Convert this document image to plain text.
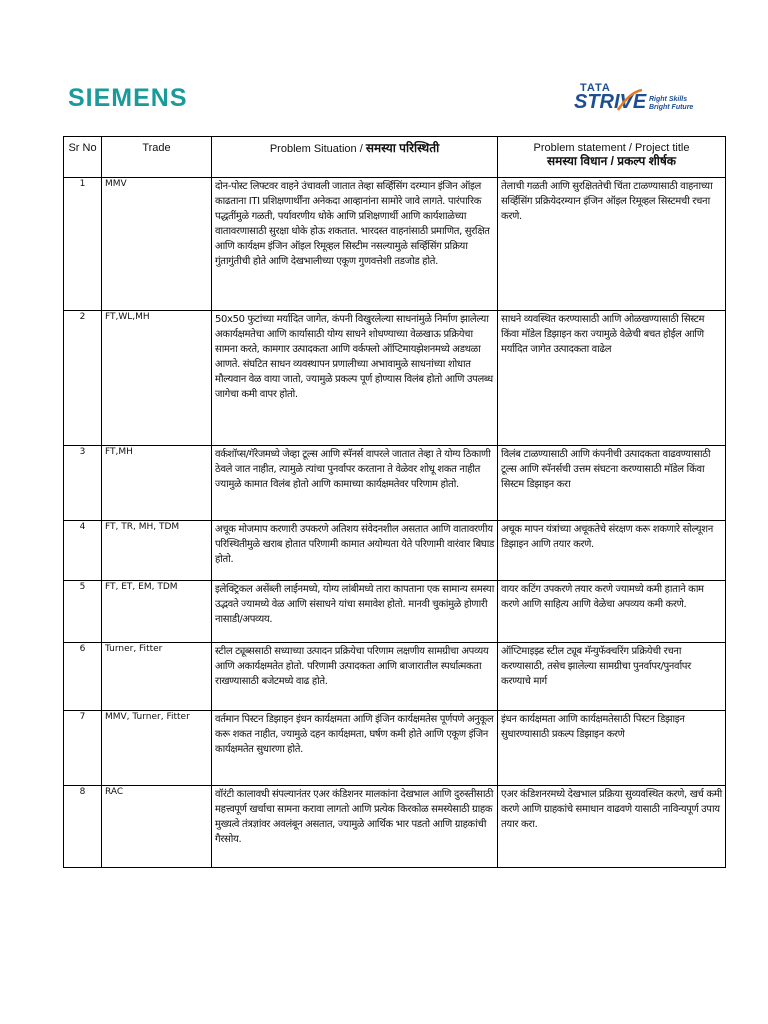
SIEMENS	TATA
STRIVE Right Skills
Bright Future
Sr No	Trade	Problem Situation / समस्या परिस्थिती	Problem statement / Project title
समस्या विधान / प्रकल्प शीर्षक
1	MMV	दोन-पोस्ट लिफ्टवर वाहने उंचावली जातात तेव्हा सर्व्हिसिंग दरम्यान इंजिन ऑइल काढताना ITI प्रशिक्षणार्थींना अनेकदा आव्हानांना सामोरे जावे लागते. पारंपारिक पद्धतींमुळे गळती, पर्यावरणीय धोके आणि प्रशिक्षणार्थी आणि कार्यशाळेच्या वातावरणासाठी सुरक्षा धोके होऊ शकतात. भारदस्त वाहनांसाठी प्रमाणित, सुरक्षित आणि कार्यक्षम इंजिन ऑइल रिमूव्हल सिस्टीम नसल्यामुळे सर्व्हिसिंग प्रक्रिया गुंतागुंतीची होते आणि देखभालीच्या एकूण गुणवत्तेशी तडजोड होते.	तेलाची गळती आणि सुरक्षिततेची चिंता टाळण्यासाठी वाहनाच्या सर्व्हिसिंग प्रक्रियेदरम्यान इंजिन ऑइल रिमूव्हल सिस्टमची रचना करणे.
2	FT,WL,MH	50x50 फुटांच्या मर्यादित जागेत, कंपनी विखुरलेल्या साधनांमुळे निर्माण झालेल्या अकार्यक्षमतेचा आणि कार्यासाठी योग्य साधने शोधण्याच्या वेळखाऊ प्रक्रियेचा सामना करते, कामगार उत्पादकता आणि वर्कफ्लो ऑप्टिमायझेशनमध्ये अडथळा आणते. संघटित साधन व्यवस्थापन प्रणालीच्या अभावामुळे साधनांच्या शोधात मौल्यवान वेळ वाया जातो, ज्यामुळे प्रकल्प पूर्ण होण्यास विलंब होतो आणि उपलब्ध जागेचा कमी वापर होतो.	साधने व्यवस्थित करण्यासाठी आणि ओळखण्यासाठी सिस्टम किंवा मॉडेल डिझाइन करा ज्यामुळे वेळेची बचत होईल आणि मर्यादित जागेत उत्पादकता वाढेल
3	FT,MH	वर्कशॉप्स/गॅरेजमध्ये जेव्हा टूल्स आणि स्पॅनर्स वापरले जातात तेव्हा ते योग्य ठिकाणी ठेवले जात नाहीत, त्यामुळे त्यांचा पुनर्वापर करताना ते वेळेवर शोधू शकत नाहीत ज्यामुळे कामात विलंब होतो आणि कामाच्या कार्यक्षमतेवर परिणाम होतो.	विलंब टाळण्यासाठी आणि कंपनीची उत्पादकता वाढवण्यासाठी टूल्स आणि स्पॅनर्सची उत्तम संघटना करण्यासाठी मॉडेल किंवा सिस्टम डिझाइन करा
4	FT, TR, MH, TDM	अचूक मोजमाप करणारी उपकरणे अतिशय संवेदनशील असतात आणि वातावरणीय परिस्थितीमुळे खराब होतात परिणामी कामात अयोग्यता येते परिणामी वारंवार बिघाड होतो.	अचूक मापन यंत्रांच्या अचूकतेचे संरक्षण करू शकणारे सोल्यूशन डिझाइन आणि तयार करणे.
5	FT, ET, EM, TDM	इलेक्ट्रिकल असेंब्ली लाईनमध्ये, योग्य लांबीमध्ये तारा कापताना एक सामान्य समस्या उद्भवते ज्यामध्ये वेळ आणि संसाधने यांचा समावेश होतो. मानवी चुकांमुळे होणारी नासाडी/अपव्यय.	वायर कटिंग उपकरणे तयार करणे ज्यामध्ये कमी हाताने काम करणे आणि साहित्य आणि वेळेचा अपव्यय कमी करणे.
6	Turner, Fitter	स्टील ट्यूब्ससाठी सध्याच्या उत्पादन प्रक्रियेचा परिणाम लक्षणीय सामग्रीचा अपव्यय आणि अकार्यक्षमतेत होतो. परिणामी उत्पादकता आणि बाजारातील स्पर्धात्मकता राखण्यासाठी बजेटमध्ये वाढ होते.	ऑप्टिमाइझ्ड स्टील ट्यूब मॅन्युफॅक्चरिंग प्रक्रियेची रचना करण्यासाठी, तसेच झालेल्या सामग्रीचा पुनर्वापर/पुनर्वापर करण्याचे मार्ग
7	MMV, Turner, Fitter	वर्तमान पिस्टन डिझाइन इंधन कार्यक्षमता आणि इंजिन कार्यक्षमतेस पूर्णपणे अनुकूल करू शकत नाहीत, ज्यामुळे दहन कार्यक्षमता, घर्षण कमी होते आणि एकूण इंजिन कार्यक्षमतेत सुधारणा होते.	इंधन कार्यक्षमता आणि कार्यक्षमतेसाठी पिस्टन डिझाइन सुधारण्यासाठी प्रकल्प डिझाइन करणे
8	RAC	वॉरंटी कालावधी संपल्यानंतर एअर कंडिशनर मालकांना देखभाल आणि दुरुस्तीसाठी महत्त्वपूर्ण खर्चाचा सामना करावा लागतो आणि प्रत्येक किरकोळ समस्येसाठी ग्राहक मुख्यत्वे तंत्रज्ञांवर अवलंबून असतात, ज्यामुळे आर्थिक भार पडतो आणि ग्राहकांची गैरसोय.	एअर कंडिशनरमध्ये देखभाल प्रक्रिया सुव्यवस्थित करणे, खर्च कमी करणे आणि ग्राहकांचे समाधान वाढवणे यासाठी नाविन्यपूर्ण उपाय तयार करा.
